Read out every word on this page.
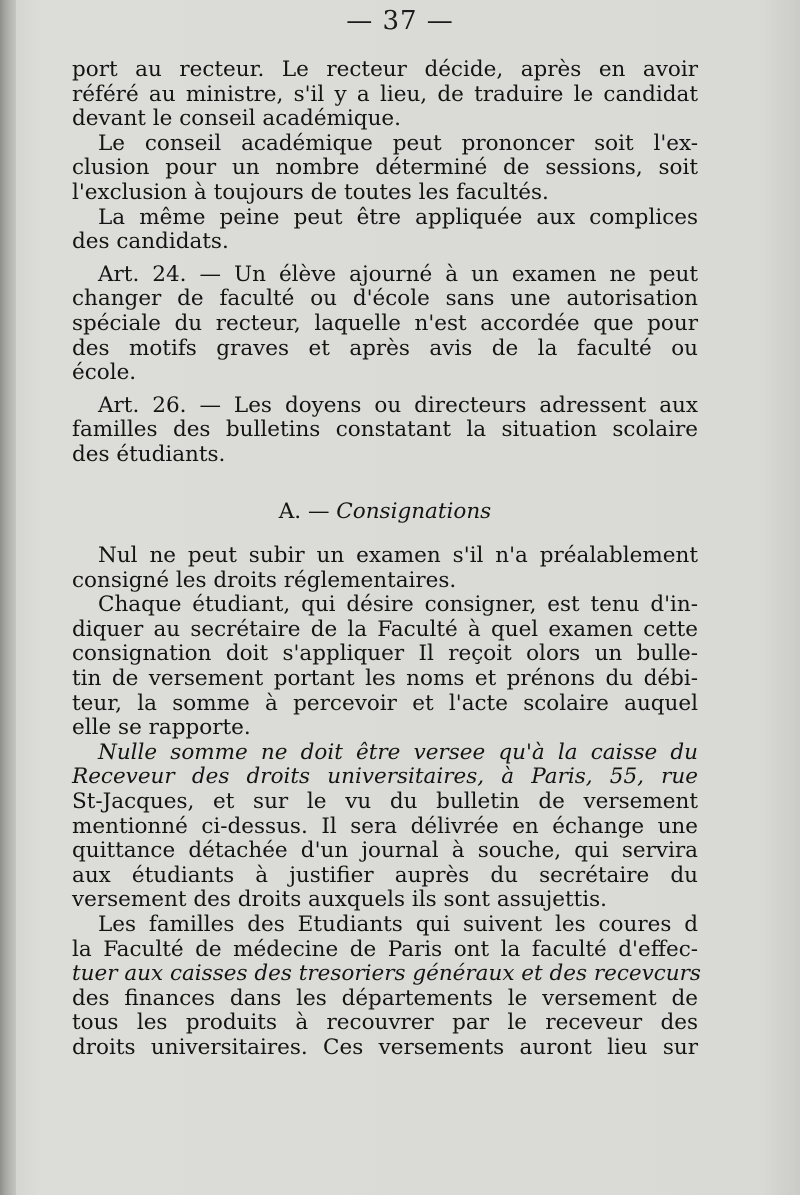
— 37 —
port au recteur. Le recteur décide, après en avoir
référé au ministre, s'il y a lieu, de traduire le candidat
devant le conseil académique.
Le conseil académique peut prononcer soit l'ex-
clusion pour un nombre déterminé de sessions, soit
l'exclusion à toujours de toutes les facultés.
La même peine peut être appliquée aux complices
des candidats.
Art. 24. — Un élève ajourné à un examen ne peut
changer de faculté ou d'école sans une autorisation
spéciale du recteur, laquelle n'est accordée que pour
des motifs graves et après avis de la faculté ou
école.
Art. 26. — Les doyens ou directeurs adressent aux
familles des bulletins constatant la situation scolaire
des étudiants.
A. — Consignations
Nul ne peut subir un examen s'il n'a préalablement
consigné les droits réglementaires.
Chaque étudiant, qui désire consigner, est tenu d'in-
diquer au secrétaire de la Faculté à quel examen cette
consignation doit s'appliquer Il reçoit olors un bulle-
tin de versement portant les noms et prénons du débi-
teur, la somme à percevoir et l'acte scolaire auquel
elle se rapporte.
Nulle somme ne doit être versee qu'à la caisse du
Receveur des droits universitaires, à Paris, 55, rue
St-Jacques, et sur le vu du bulletin de versement
mentionné ci-dessus. Il sera délivrée en échange une
quittance détachée d'un journal à souche, qui servira
aux étudiants à justifier auprès du secrétaire du
versement des droits auxquels ils sont assujettis.
Les familles des Etudiants qui suivent les coures d
la Faculté de médecine de Paris ont la faculté d'effec-
tuer aux caisses des tresoriers généraux et des recevcurs
des finances dans les départements le versement de
tous les produits à recouvrer par le receveur des
droits universitaires. Ces versements auront lieu sur
